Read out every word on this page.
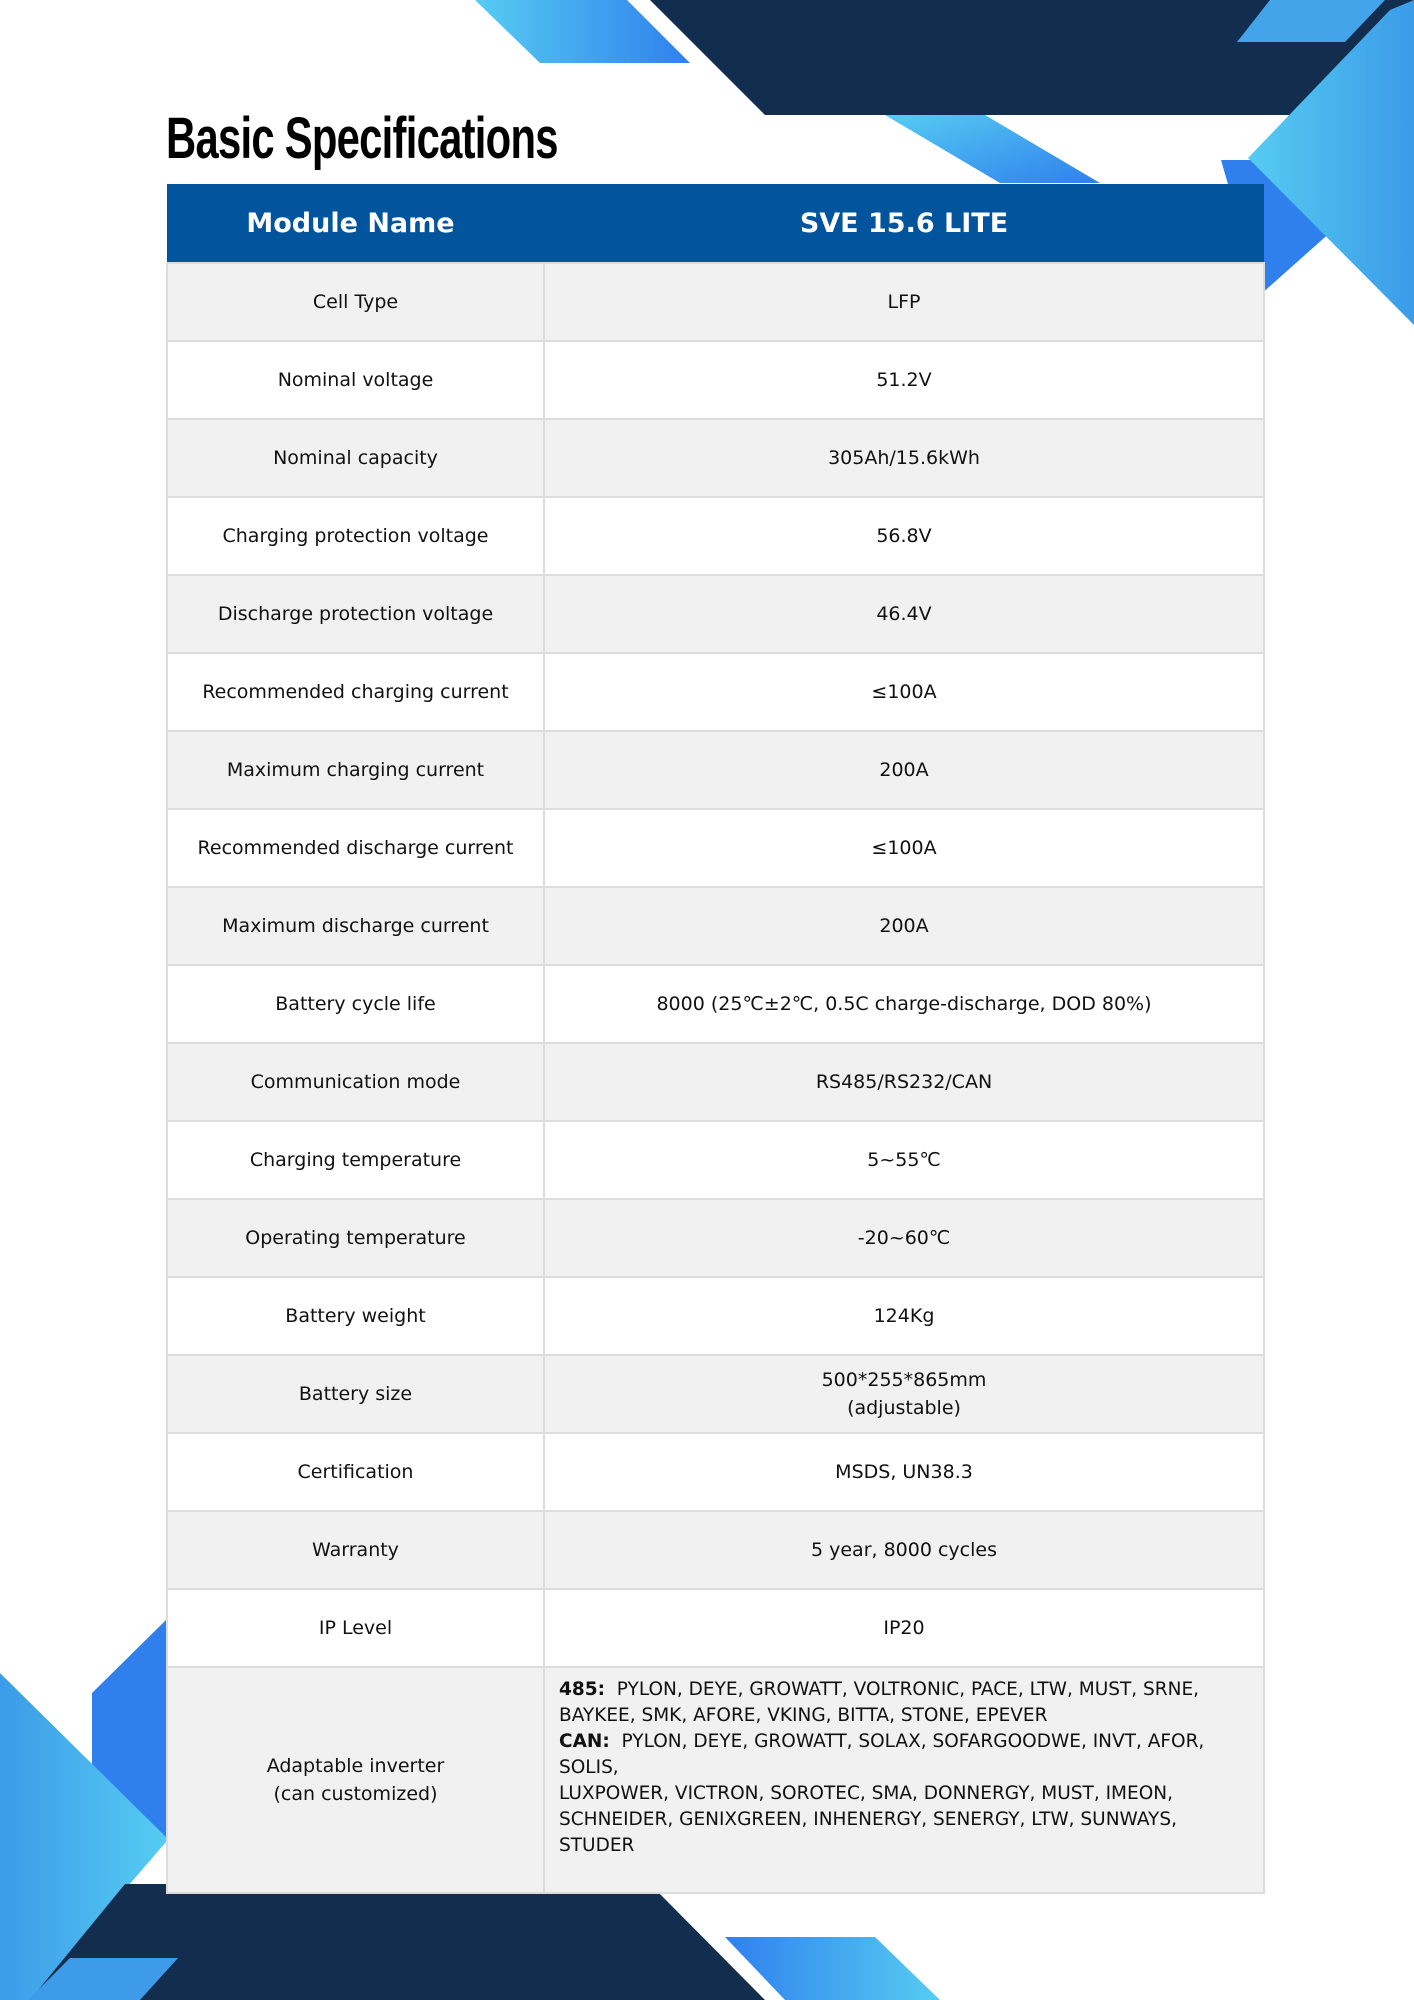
Basic Specifications
Module Name	SVE 15.6 LITE
Cell Type	LFP
Nominal voltage	51.2V
Nominal capacity	305Ah/15.6kWh
Charging protection voltage	56.8V
Discharge protection voltage	46.4V
Recommended charging current	≤100A
Maximum charging current	200A
Recommended discharge current	≤100A
Maximum discharge current	200A
Battery cycle life	8000 (25℃±2℃, 0.5C charge-discharge, DOD 80%)
Communication mode	RS485/RS232/CAN
Charging temperature	5~55℃
Operating temperature	-20~60℃
Battery weight	124Kg
Battery size	500*255*865mm
(adjustable)

Certification	MSDS, UN38.3
Warranty	5 year, 8000 cycles
IP Level	IP20

Adaptable inverter
(can customized)	485: PYLON, DEYE, GROWATT, VOLTRONIC, PACE, LTW, MUST, SRNE,
BAYKEE, SMK, AFORE, VKING, BITTA, STONE, EPEVER
CAN: PYLON, DEYE, GROWATT, SOLAX, SOFARGOODWE, INVT, AFOR, SOLIS,
LUXPOWER, VICTRON, SOROTEC, SMA, DONNERGY, MUST, IMEON,
SCHNEIDER, GENIXGREEN, INHENERGY, SENERGY, LTW, SUNWAYS, STUDER
